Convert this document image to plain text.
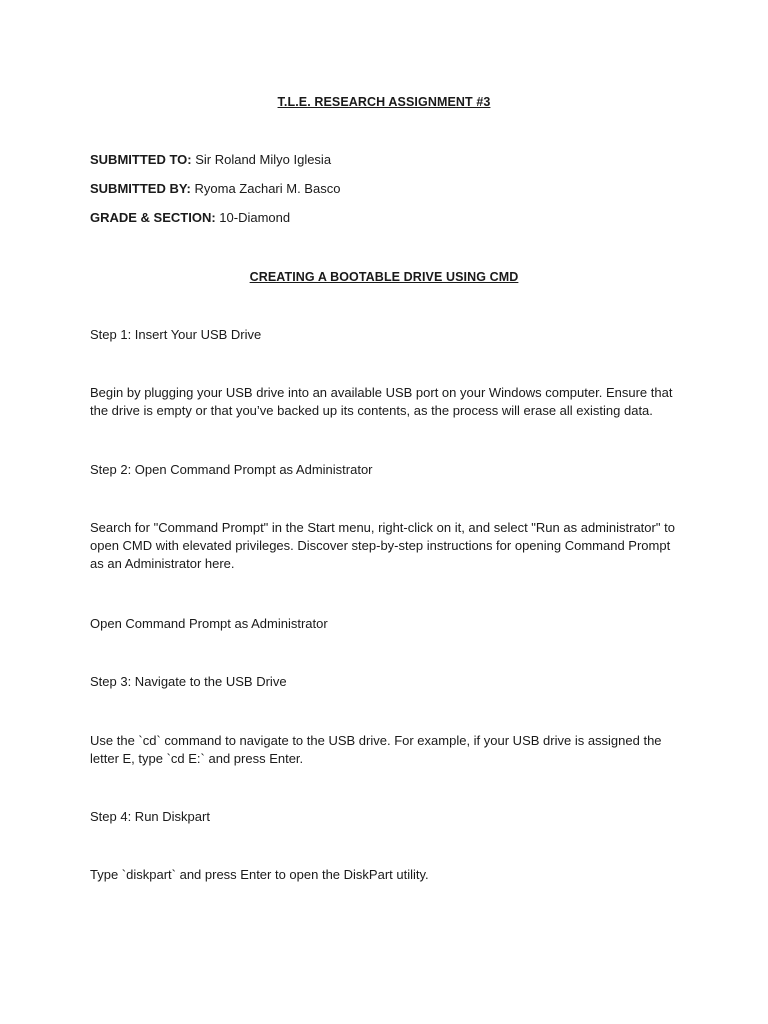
T.L.E. RESEARCH ASSIGNMENT #3
SUBMITTED TO: Sir Roland Milyo Iglesia
SUBMITTED BY: Ryoma Zachari M. Basco
GRADE & SECTION: 10-Diamond
CREATING A BOOTABLE DRIVE USING CMD
Step 1: Insert Your USB Drive
Begin by plugging your USB drive into an available USB port on your Windows computer. Ensure that the drive is empty or that you’ve backed up its contents, as the process will erase all existing data.
Step 2: Open Command Prompt as Administrator
Search for "Command Prompt" in the Start menu, right-click on it, and select "Run as administrator" to open CMD with elevated privileges. Discover step-by-step instructions for opening Command Prompt as an Administrator here.
Open Command Prompt as Administrator
Step 3: Navigate to the USB Drive
Use the `cd` command to navigate to the USB drive. For example, if your USB drive is assigned the letter E, type `cd E:` and press Enter.
Step 4: Run Diskpart
Type `diskpart` and press Enter to open the DiskPart utility.
